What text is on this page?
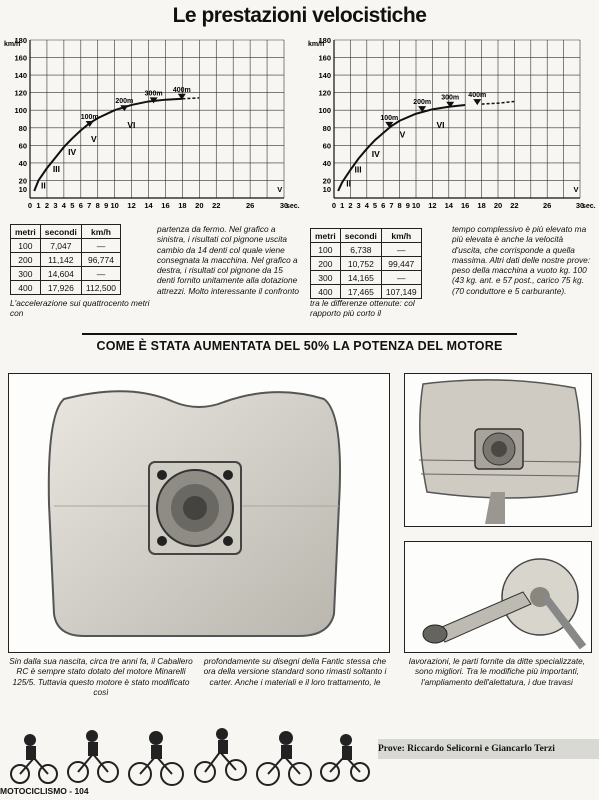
Le prestazioni velocistiche
10
20
40
60
80
100
120
140
160
180
km/h
0 1 2 3 4 5 6 7 8 9 10 12 14 16 18 20 22	26	30
sec.
100m
200m
300m
400m
II
III
IV
V
VI
V	10
20
40
60
80
100
120
140
160
180
km/h
0 1 2 3 4 5 6 7 8 9 10 12 14 16 18 20 22	26	30
sec.
100m
200m
300m 400m
II
III
IV
V
VI
V
metri	secondi	km/h
100	7,047	—
200	11,142	96,774
300	14,604	—
400	17,926	112,500
metri	secondi	km/h
100	6,738	—
200	10,752	99,447
300	14,165	—
400	17,465	107,149
L'accelerazione sui quattrocento metri con
partenza da fermo. Nel grafico a sinistra, i risultati col pignone uscita cambio da 14 denti col quale viene consegnata la macchina. Nel grafico a destra, i risultati col pignone da 15 denti fornito unitamente alla dotazione attrezzi. Molto interessante il confronto
tra le differenze ottenute: col rapporto più corto il
tempo complessivo è più elevato ma più elevata è anche la velocità d'uscita, che corrisponde a quella massima. Altri dati delle nostre prove: peso della macchina a vuoto kg. 100 (43 kg. ant. e 57 post., carico 75 kg. (70 conduttore e 5 carburante).
COME È STATA AUMENTATA DEL 50% LA POTENZA DEL MOTORE
Sin dalla sua nascita, circa tre anni fa, il Caballero RC è sempre stato dotato del motore Minarelli 125/5. Tuttavia questo motore è stato modificato così
profondamente su disegni della Fantic stessa che ora della versione standard sono rimasti soltanto i carter. Anche i materiali e il loro trattamento, le
lavorazioni, le parti fornite da ditte specializzate, sono migliori. Tra le modifiche più importanti, l'ampliamento dell'alettatura, i due travasi
Prove: Riccardo Selicorni e Giancarlo Terzi
MOTOCICLISMO - 104
